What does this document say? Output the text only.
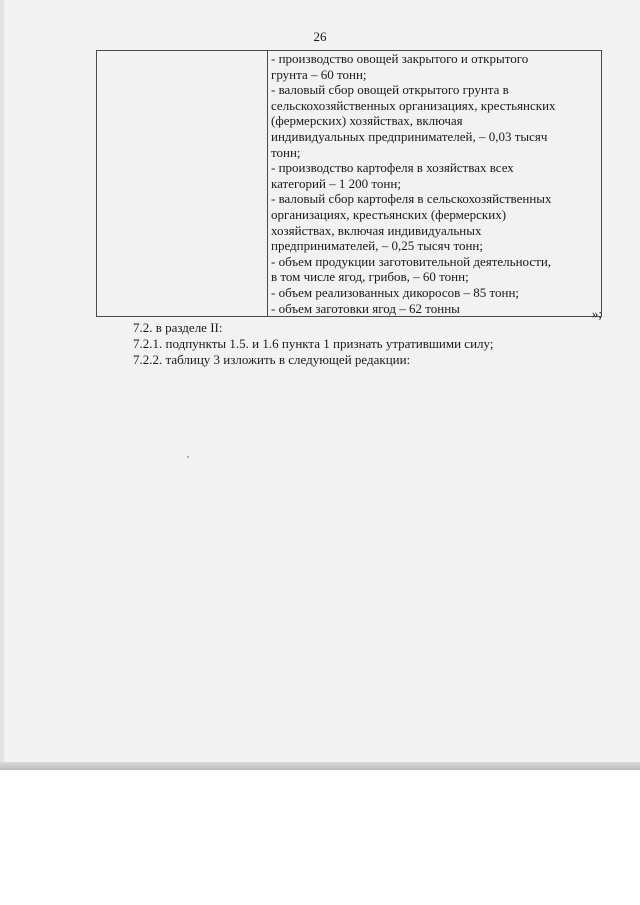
26

- производство овощей закрытого и открытого
грунта – 60 тонн;
- валовый сбор овощей открытого грунта в
сельскохозяйственных организациях, крестьянских
(фермерских) хозяйствах, включая
индивидуальных предпринимателей, – 0,03 тысяч
тонн;
- производство картофеля в хозяйствах всех
категорий – 1 200 тонн;
- валовый сбор картофеля в сельскохозяйственных
организациях, крестьянских (фермерских)
хозяйствах, включая индивидуальных
предпринимателей, – 0,25 тысяч тонн;
- объем продукции заготовительной деятельности,
в том числе ягод, грибов, – 60 тонн;
- объем реализованных дикоросов – 85 тонн;
- объем заготовки ягод – 62 тонны	»;
7.2. в разделе II:
7.2.1. подпункты 1.5. и 1.6 пункта 1 признать утратившими силу;
7.2.2. таблицу 3 изложить в следующей редакции:
